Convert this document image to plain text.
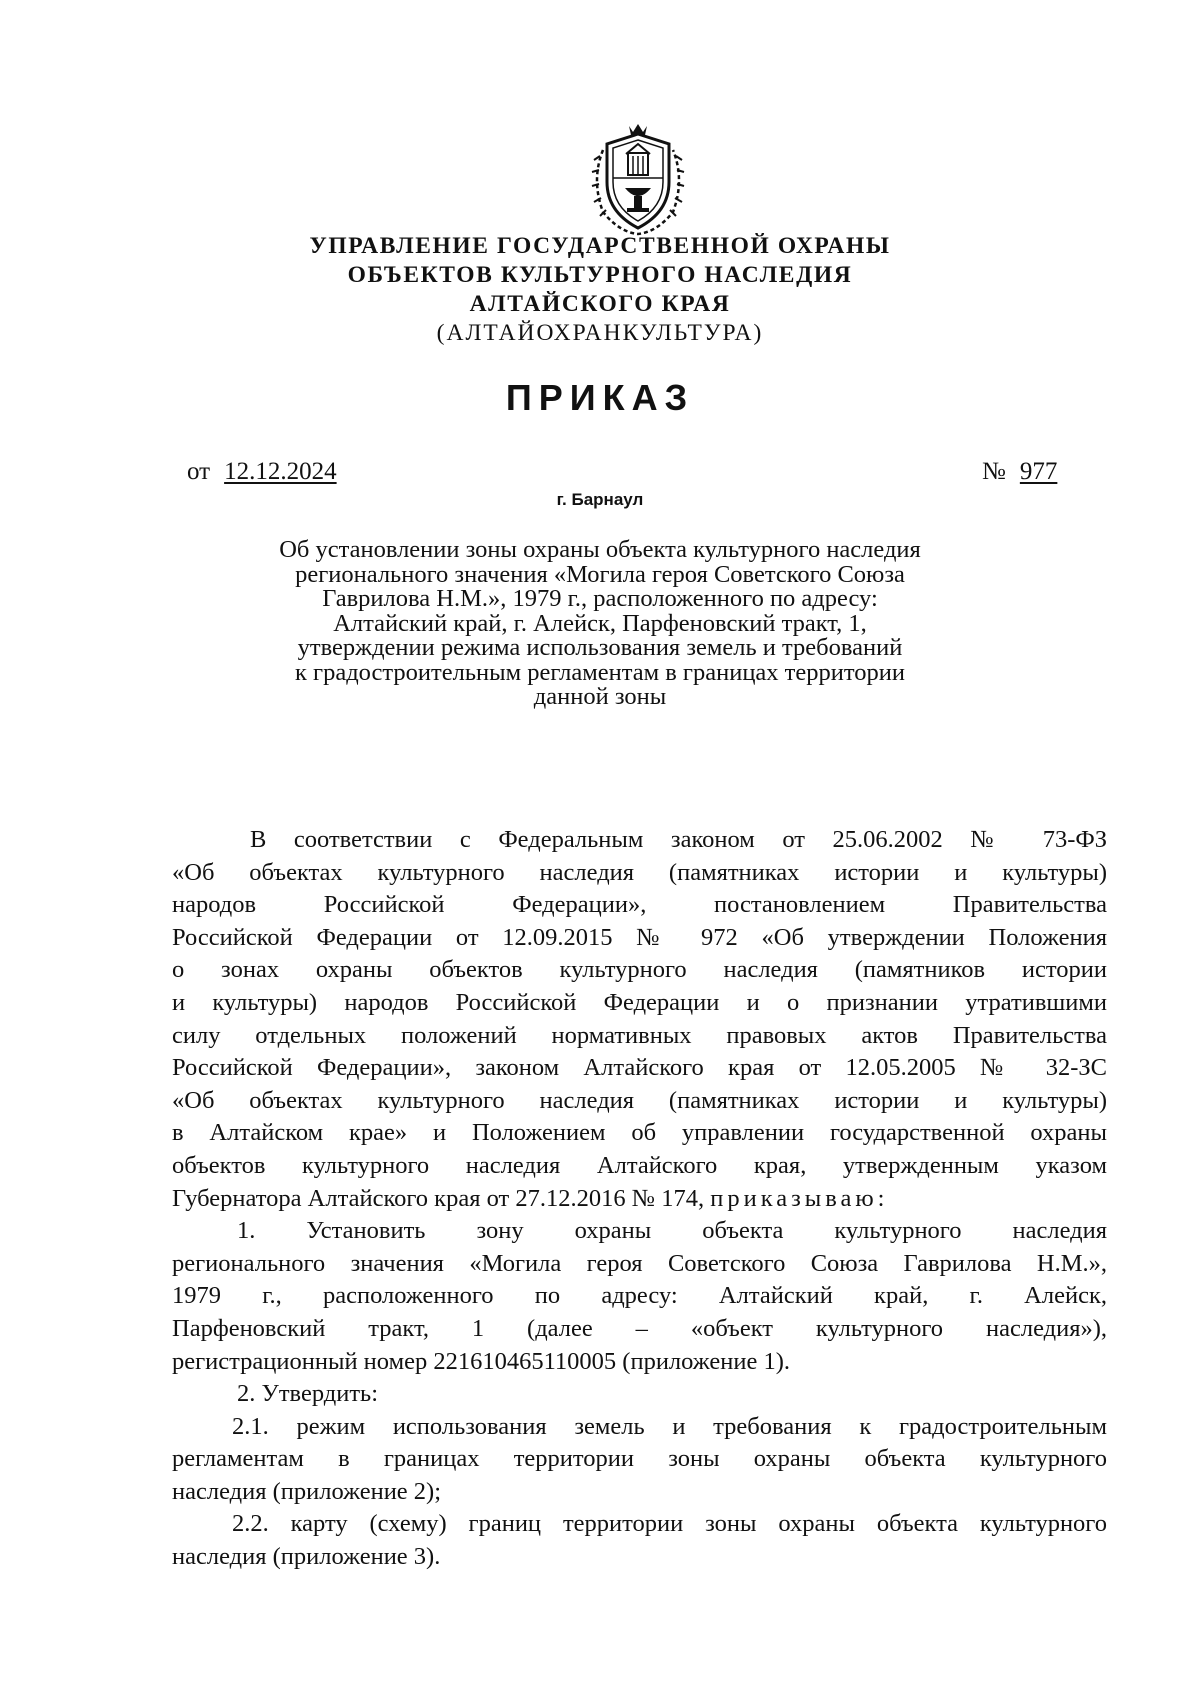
УПРАВЛЕНИЕ ГОСУДАРСТВЕННОЙ ОХРАНЫ
ОБЪЕКТОВ КУЛЬТУРНОГО НАСЛЕДИЯ
АЛТАЙСКОГО КРАЯ
(АЛТАЙОХРАНКУЛЬТУРА)
ПРИКАЗ
от 12.12.2024	№ 977
г. Барнаул
Об установлении зоны охраны объекта культурного наследия
регионального значения «Могила героя Советского Союза
Гаврилова Н.М.», 1979 г., расположенного по адресу:
Алтайский край, г. Алейск, Парфеновский тракт, 1,
утверждении режима использования земель и требований
к градостроительным регламентам в границах территории
данной зоны
В соответствии с Федеральным законом от 25.06.2002 № 73-ФЗ
«Об объектах культурного наследия (памятниках истории и культуры)
народов Российской Федерации», постановлением Правительства
Российской Федерации от 12.09.2015 № 972 «Об утверждении Положения
о зонах охраны объектов культурного наследия (памятников истории
и культуры) народов Российской Федерации и о признании утратившими
силу отдельных положений нормативных правовых актов Правительства
Российской Федерации», законом Алтайского края от 12.05.2005 № 32-ЗС
«Об объектах культурного наследия (памятниках истории и культуры)
в Алтайском крае» и Положением об управлении государственной охраны
объектов культурного наследия Алтайского края, утвержденным указом
Губернатора Алтайского края от 27.12.2016 № 174, приказываю:
1. Установить зону охраны объекта культурного наследия
регионального значения «Могила героя Советского Союза Гаврилова Н.М.»,
1979 г., расположенного по адресу: Алтайский край, г. Алейск,
Парфеновский тракт, 1 (далее – «объект культурного наследия»),
регистрационный номер 221610465110005 (приложение 1).
2. Утвердить:
2.1. режим использования земель и требования к градостроительным
регламентам в границах территории зоны охраны объекта культурного
наследия (приложение 2);
2.2. карту (схему) границ территории зоны охраны объекта культурного
наследия (приложение 3).
